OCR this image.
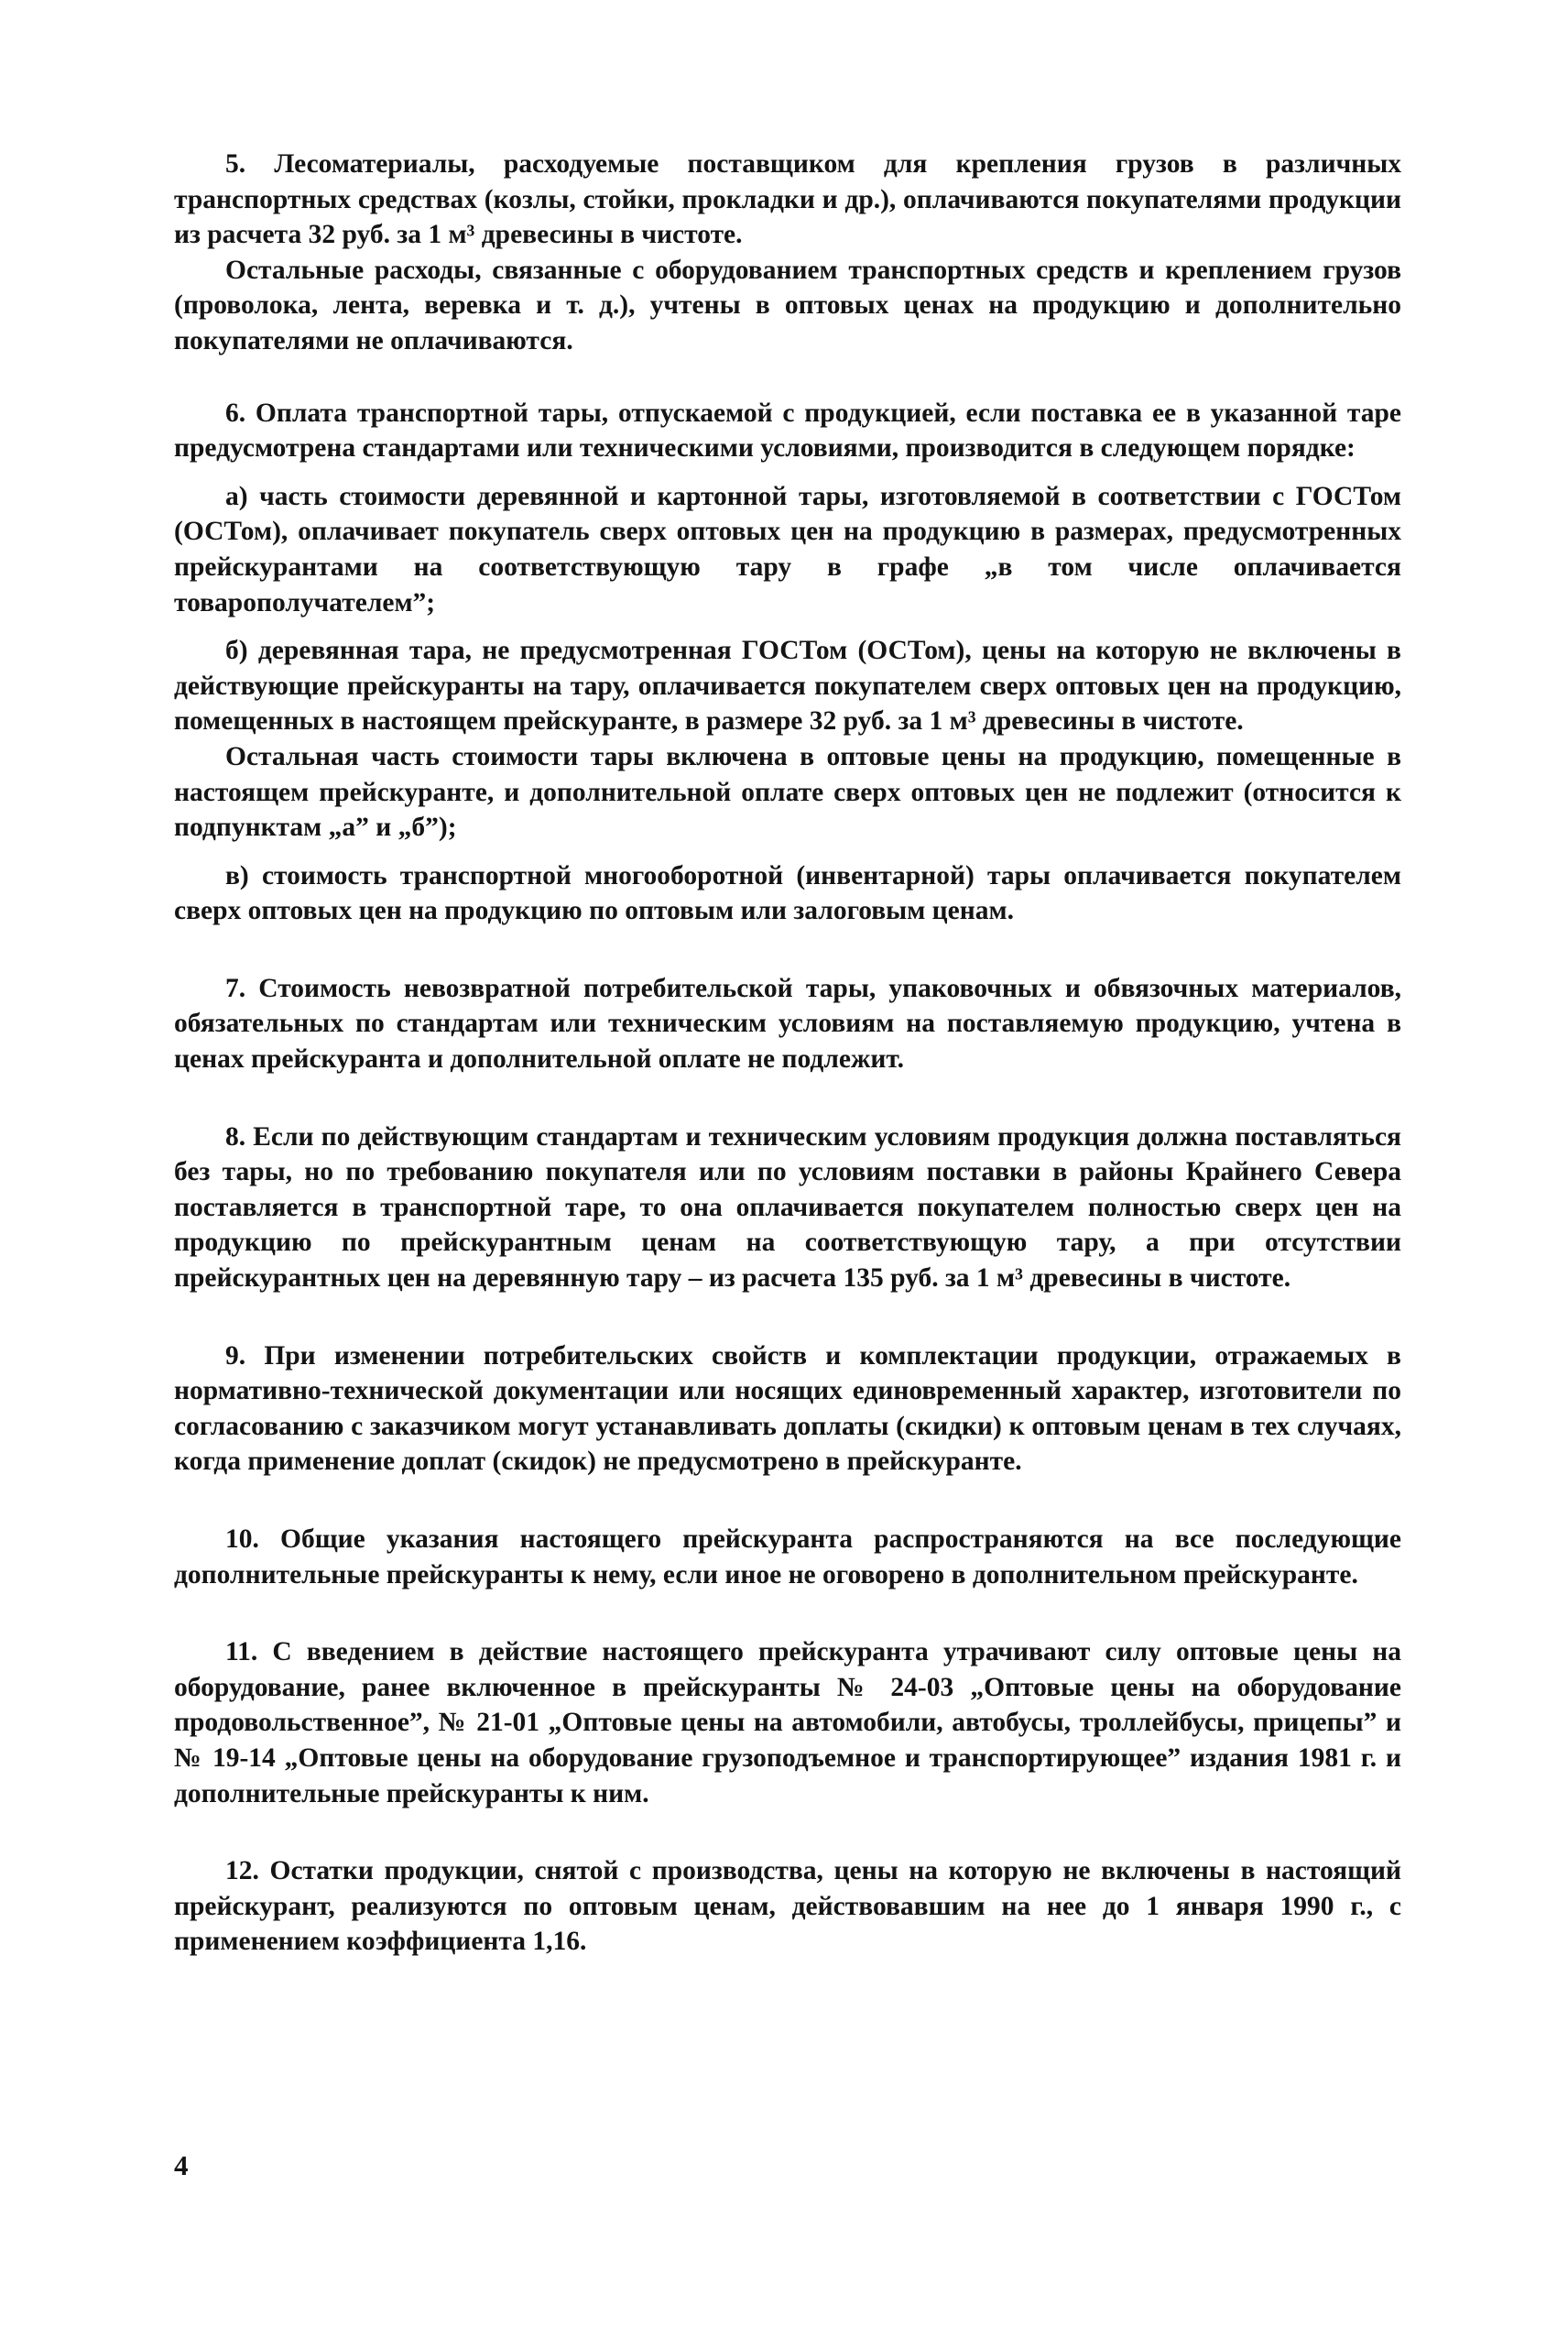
5. Лесоматериалы, расходуемые поставщиком для крепления грузов в различных транспортных средствах (козлы, стойки, прокладки и др.), оплачиваются покупателями продукции из расчета 32 руб. за 1 м³ древесины в чистоте.

Остальные расходы, связанные с оборудованием транспортных средств и креплением грузов (проволока, лента, веревка и т. д.), учтены в оптовых ценах на продукцию и дополнительно покупателями не оплачиваются.

6. Оплата транспортной тары, отпускаемой с продукцией, если поставка ее в указанной таре предусмотрена стандартами или техническими условиями, производится в следующем порядке:

а) часть стоимости деревянной и картонной тары, изготовляемой в соответствии с ГОСТом (ОСТом), оплачивает покупатель сверх оптовых цен на продукцию в размерах, предусмотренных прейскурантами на соответствующую тару в графе „в том числе оплачивается товарополучателем”;

б) деревянная тара, не предусмотренная ГОСТом (ОСТом), цены на которую не включены в действующие прейскуранты на тару, оплачивается покупателем сверх оптовых цен на продукцию, помещенных в настоящем прейскуранте, в размере 32 руб. за 1 м³ древесины в чистоте.

Остальная часть стоимости тары включена в оптовые цены на продукцию, помещенные в настоящем прейскуранте, и дополнительной оплате сверх оптовых цен не подлежит (относится к подпунктам „а” и „б”);

в) стоимость транспортной многооборотной (инвентарной) тары оплачивается покупателем сверх оптовых цен на продукцию по оптовым или залоговым ценам.

7. Стоимость невозвратной потребительской тары, упаковочных и обвязочных материалов, обязательных по стандартам или техническим условиям на поставляемую продукцию, учтена в ценах прейскуранта и дополнительной оплате не подлежит.

8. Если по действующим стандартам и техническим условиям продукция должна поставляться без тары, но по требованию покупателя или по условиям поставки в районы Крайнего Севера поставляется в транспортной таре, то она оплачивается покупателем полностью сверх цен на продукцию по прейскурантным ценам на соответствующую тару, а при отсутствии прейскурантных цен на деревянную тару – из расчета 135 руб. за 1 м³ древесины в чистоте.

9. При изменении потребительских свойств и комплектации продукции, отражаемых в нормативно-технической документации или носящих единовременный характер, изготовители по согласованию с заказчиком могут устанавливать доплаты (скидки) к оптовым ценам в тех случаях, когда применение доплат (скидок) не предусмотрено в прейскуранте.

10. Общие указания настоящего прейскуранта распространяются на все последующие дополнительные прейскуранты к нему, если иное не оговорено в дополнительном прейскуранте.

11. С введением в действие настоящего прейскуранта утрачивают силу оптовые цены на оборудование, ранее включенное в прейскуранты № 24-03 „Оптовые цены на оборудование продовольственное”, № 21-01 „Оптовые цены на автомобили, автобусы, троллейбусы, прицепы” и № 19-14 „Оптовые цены на оборудование грузоподъемное и транспортирующее” издания 1981 г. и дополнительные прейскуранты к ним.

12. Остатки продукции, снятой с производства, цены на которую не включены в настоящий прейскурант, реализуются по оптовым ценам, действовавшим на нее до 1 января 1990 г., с применением коэффициента 1,16.

4
